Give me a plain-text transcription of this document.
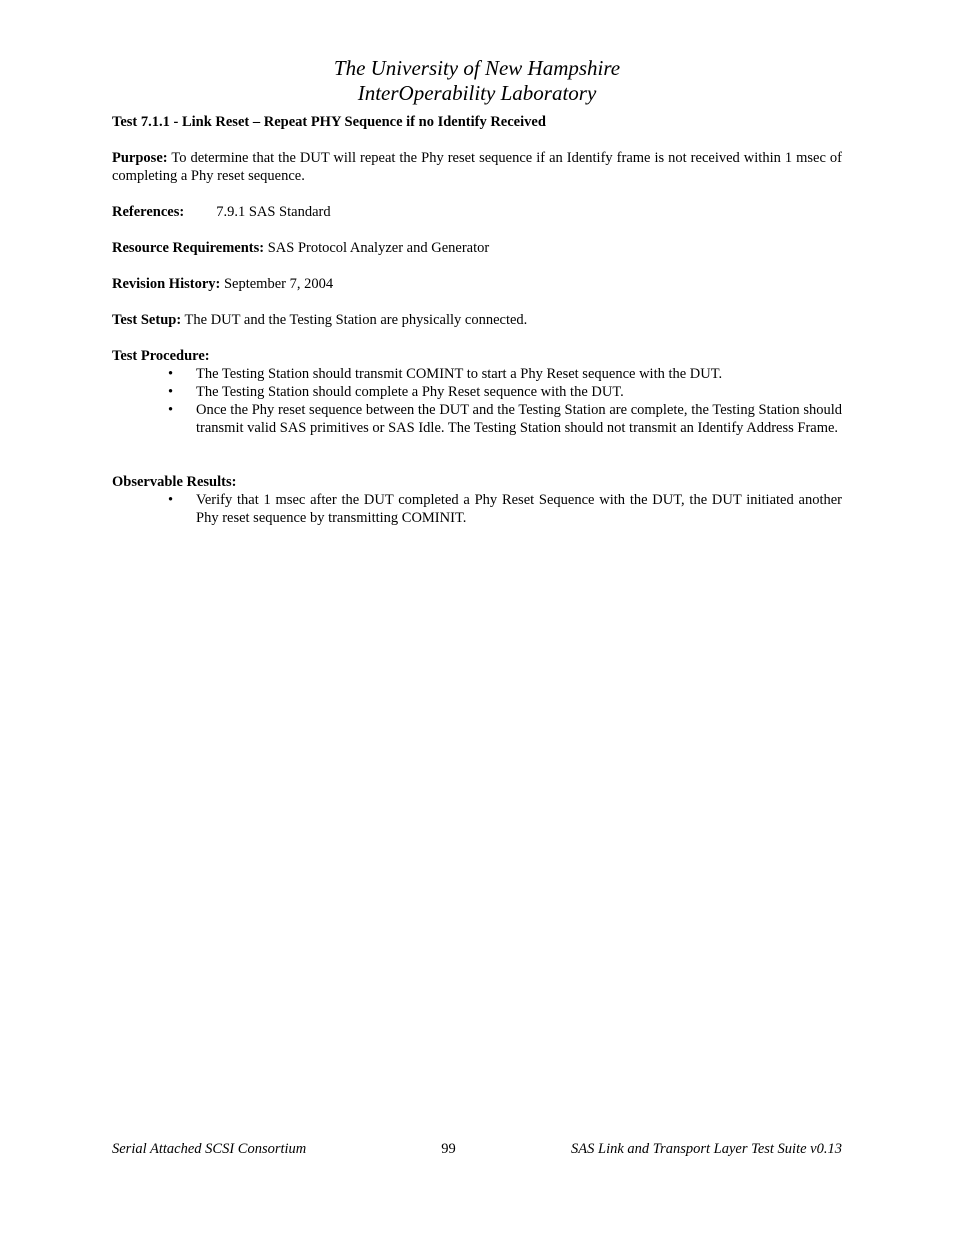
The University of New Hampshire
InterOperability Laboratory

Test 7.1.1 - Link Reset – Repeat PHY Sequence if no Identify Received

Purpose: To determine that the DUT will repeat the Phy reset sequence if an Identify frame is not received within 1 msec of completing a Phy reset sequence.

References: 7.9.1 SAS Standard

Resource Requirements: SAS Protocol Analyzer and Generator

Revision History: September 7, 2004

Test Setup: The DUT and the Testing Station are physically connected.

Test Procedure:

• The Testing Station should transmit COMINT to start a Phy Reset sequence with the DUT.
• The Testing Station should complete a Phy Reset sequence with the DUT.
• Once the Phy reset sequence between the DUT and the Testing Station are complete, the Testing Station should transmit valid SAS primitives or SAS Idle. The Testing Station should not transmit an Identify Address Frame.

Observable Results:

• Verify that 1 msec after the DUT completed a Phy Reset Sequence with the DUT, the DUT initiated another Phy reset sequence by transmitting COMINIT.
Serial Attached SCSI Consortium	99	SAS Link and Transport Layer Test Suite v0.13
